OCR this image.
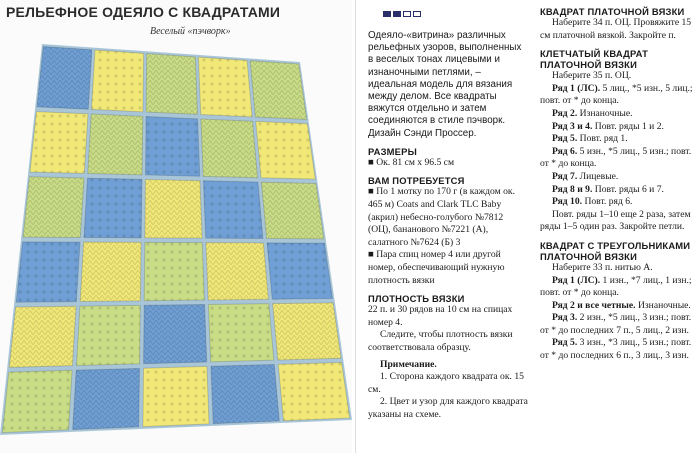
РЕЛЬЕФНОЕ ОДЕЯЛО С КВАДРАТАМИ
Веселый «пэчворк»	Одеяло-«витрина» различных рельефных узоров, выполненных в веселых тонах лицевыми и изнаночными петлями, – идеальная модель для вязания между делом. Все квадраты вяжутся отдельно и затем соединяются в стиле пэчворк. Дизайн Сэнди Проссер.

РАЗМЕРЫ

■ Ок. 81 см х 96.5 см

ВАМ ПОТРЕБУЕТСЯ

■ По 1 мотку по 170 г (в каждом ок. 465 м) Coats and Clark TLC Baby (акрил) небесно-голубого №7812 (ОЦ), бананового №7221 (А), салатного №7624 (Б) 3

■ Пара спиц номер 4 или другой номер, обеспечивающий нужную плотность вязки

ПЛОТНОСТЬ ВЯЗКИ

22 п. и 30 рядов на 10 см на спицах номер 4.

Следите, чтобы плотность вязки соответствовала образцу.

Примечание.

1. Сторона каждого квадрата ок. 15 см.

2. Цвет и узор для каждого квадрата указаны на схеме.

КВАДРАТ ПЛАТОЧНОЙ ВЯЗКИ

Наберите 34 п. ОЦ. Провяжите 15 см платочной вязкой. Закройте п.

КЛЕТЧАТЫЙ КВАДРАТ ПЛАТОЧНОЙ ВЯЗКИ

Наберите 35 п. ОЦ.

Ряд 1 (ЛС). 5 лиц., *5 изн., 5 лиц.; повт. от * до конца.

Ряд 2. Изнаночные.

Ряд 3 и 4. Повт. ряды 1 и 2.

Ряд 5. Повт. ряд 1.

Ряд 6. 5 изн., *5 лиц., 5 изн.; повт. от * до конца.

Ряд 7. Лицевые.

Ряд 8 и 9. Повт. ряды 6 и 7.

Ряд 10. Повт. ряд 6.

Повт. ряды 1–10 еще 2 раза, затем ряды 1–5 один раз. Закройте петли.

КВАДРАТ С ТРЕУГОЛЬНИКАМИ ПЛАТОЧНОЙ ВЯЗКИ

Наберите 33 п. нитью А.

Ряд 1 (ЛС). 1 изн., *7 лиц., 1 изн.; повт. от * до конца.

Ряд 2 и все четные. Изнаночные.

Ряд 3. 2 изн., *5 лиц., 3 изн.; повт. от * до последних 7 п., 5 лиц., 2 изн.

Ряд 5. 3 изн., *3 лиц., 5 изн.; повт. от * до последних 6 п., 3 лиц., 3 изн.
